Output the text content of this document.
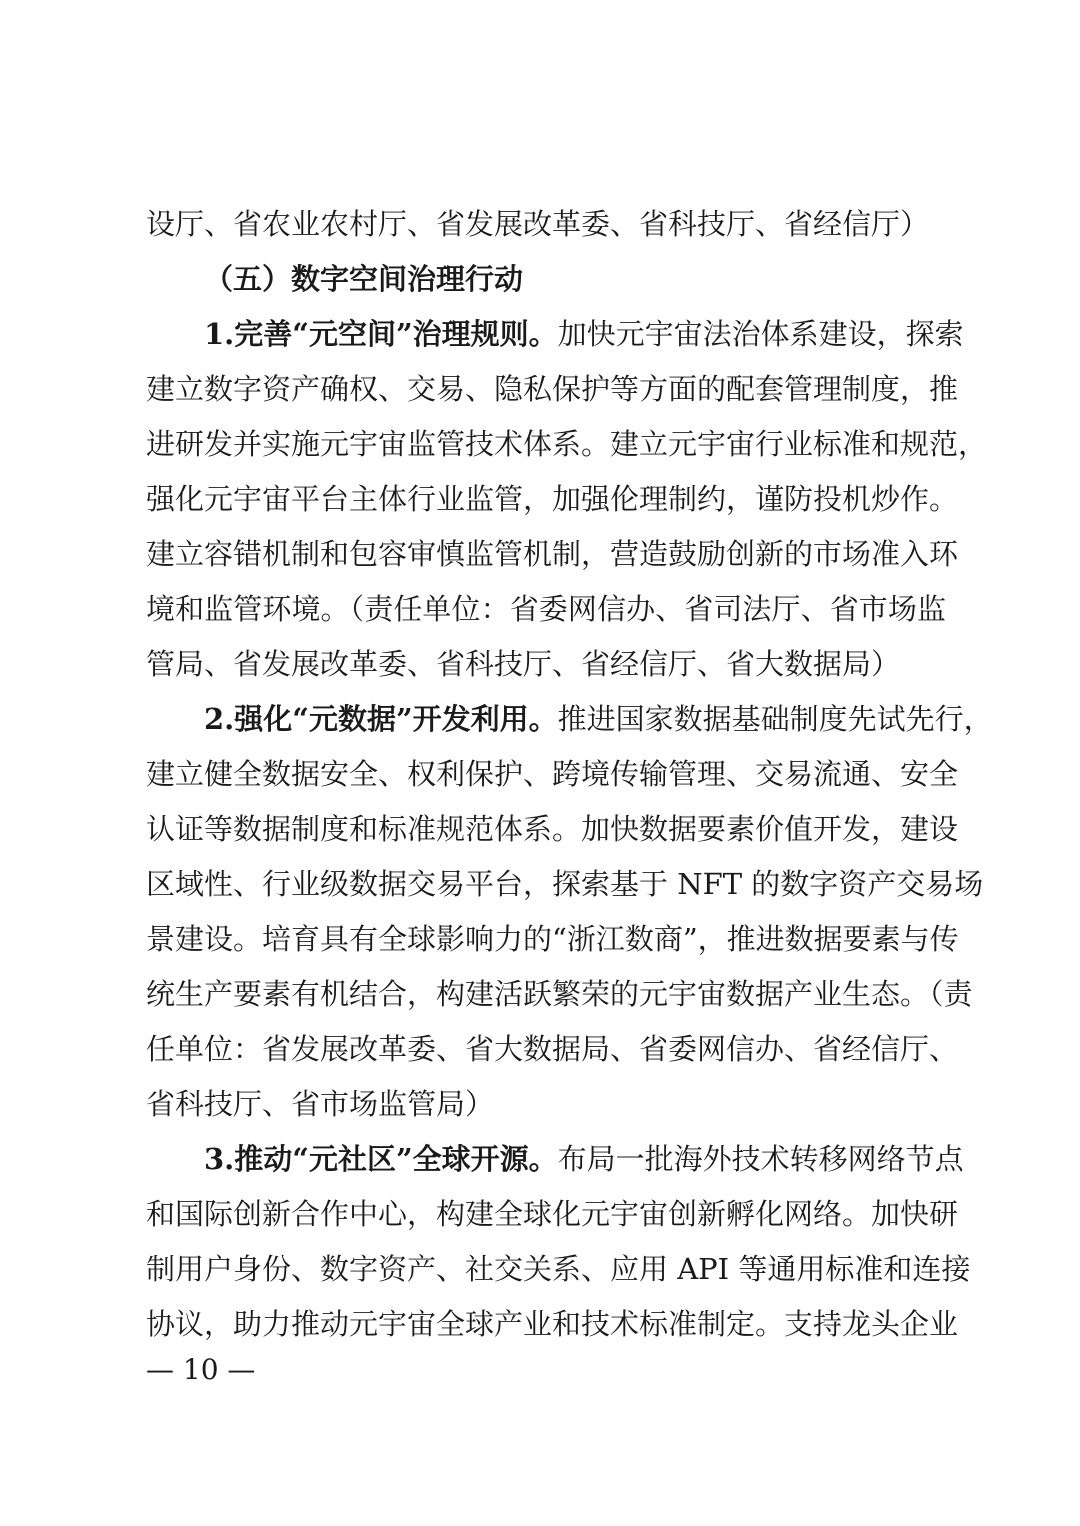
设厅、省农业农村厅、省发展改革委、省科技厅、省经信厅）
（五）数字空间治理行动
1.完善“元空间”治理规则。加快元宇宙法治体系建设，探索
建立数字资产确权、交易、隐私保护等方面的配套管理制度，推
进研发并实施元宇宙监管技术体系。建立元宇宙行业标准和规范，
强化元宇宙平台主体行业监管，加强伦理制约，谨防投机炒作。
建立容错机制和包容审慎监管机制，营造鼓励创新的市场准入环
境和监管环境。（责任单位：省委网信办、省司法厅、省市场监
管局、省发展改革委、省科技厅、省经信厅、省大数据局）
2.强化“元数据”开发利用。推进国家数据基础制度先试先行，
建立健全数据安全、权利保护、跨境传输管理、交易流通、安全
认证等数据制度和标准规范体系。加快数据要素价值开发，建设
区域性、行业级数据交易平台，探索基于 NFT 的数字资产交易场
景建设。培育具有全球影响力的“浙江数商”，推进数据要素与传
统生产要素有机结合，构建活跃繁荣的元宇宙数据产业生态。（责
任单位：省发展改革委、省大数据局、省委网信办、省经信厅、
省科技厅、省市场监管局）
3.推动“元社区”全球开源。布局一批海外技术转移网络节点
和国际创新合作中心，构建全球化元宇宙创新孵化网络。加快研
制用户身份、数字资产、社交关系、应用 API 等通用标准和连接
协议，助力推动元宇宙全球产业和技术标准制定。支持龙头企业
— 10 —
